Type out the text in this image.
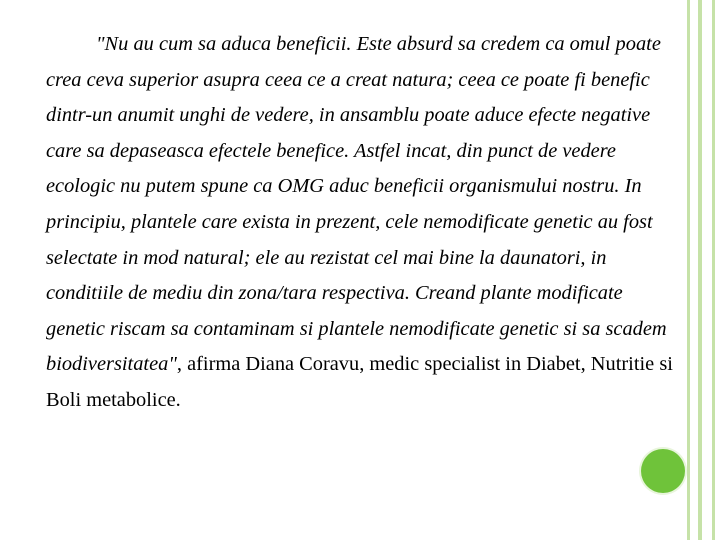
"Nu au cum sa aduca beneficii. Este absurd sa credem ca omul poate crea ceva superior asupra ceea ce a creat natura; ceea ce poate fi benefic dintr-un anumit unghi de vedere, in ansamblu poate aduce efecte negative care sa depaseasca efectele benefice. Astfel incat, din punct de vedere ecologic nu putem spune ca OMG aduc beneficii organismului nostru. In principiu, plantele care exista in prezent, cele nemodificate genetic au fost selectate in mod natural; ele au rezistat cel mai bine la daunatori, in conditiile de mediu din zona/tara respectiva. Creand plante modificate genetic riscam sa contaminam si plantele nemodificate genetic si sa scadem biodiversitatea", afirma Diana Coravu, medic specialist in Diabet, Nutritie si Boli metabolice.
